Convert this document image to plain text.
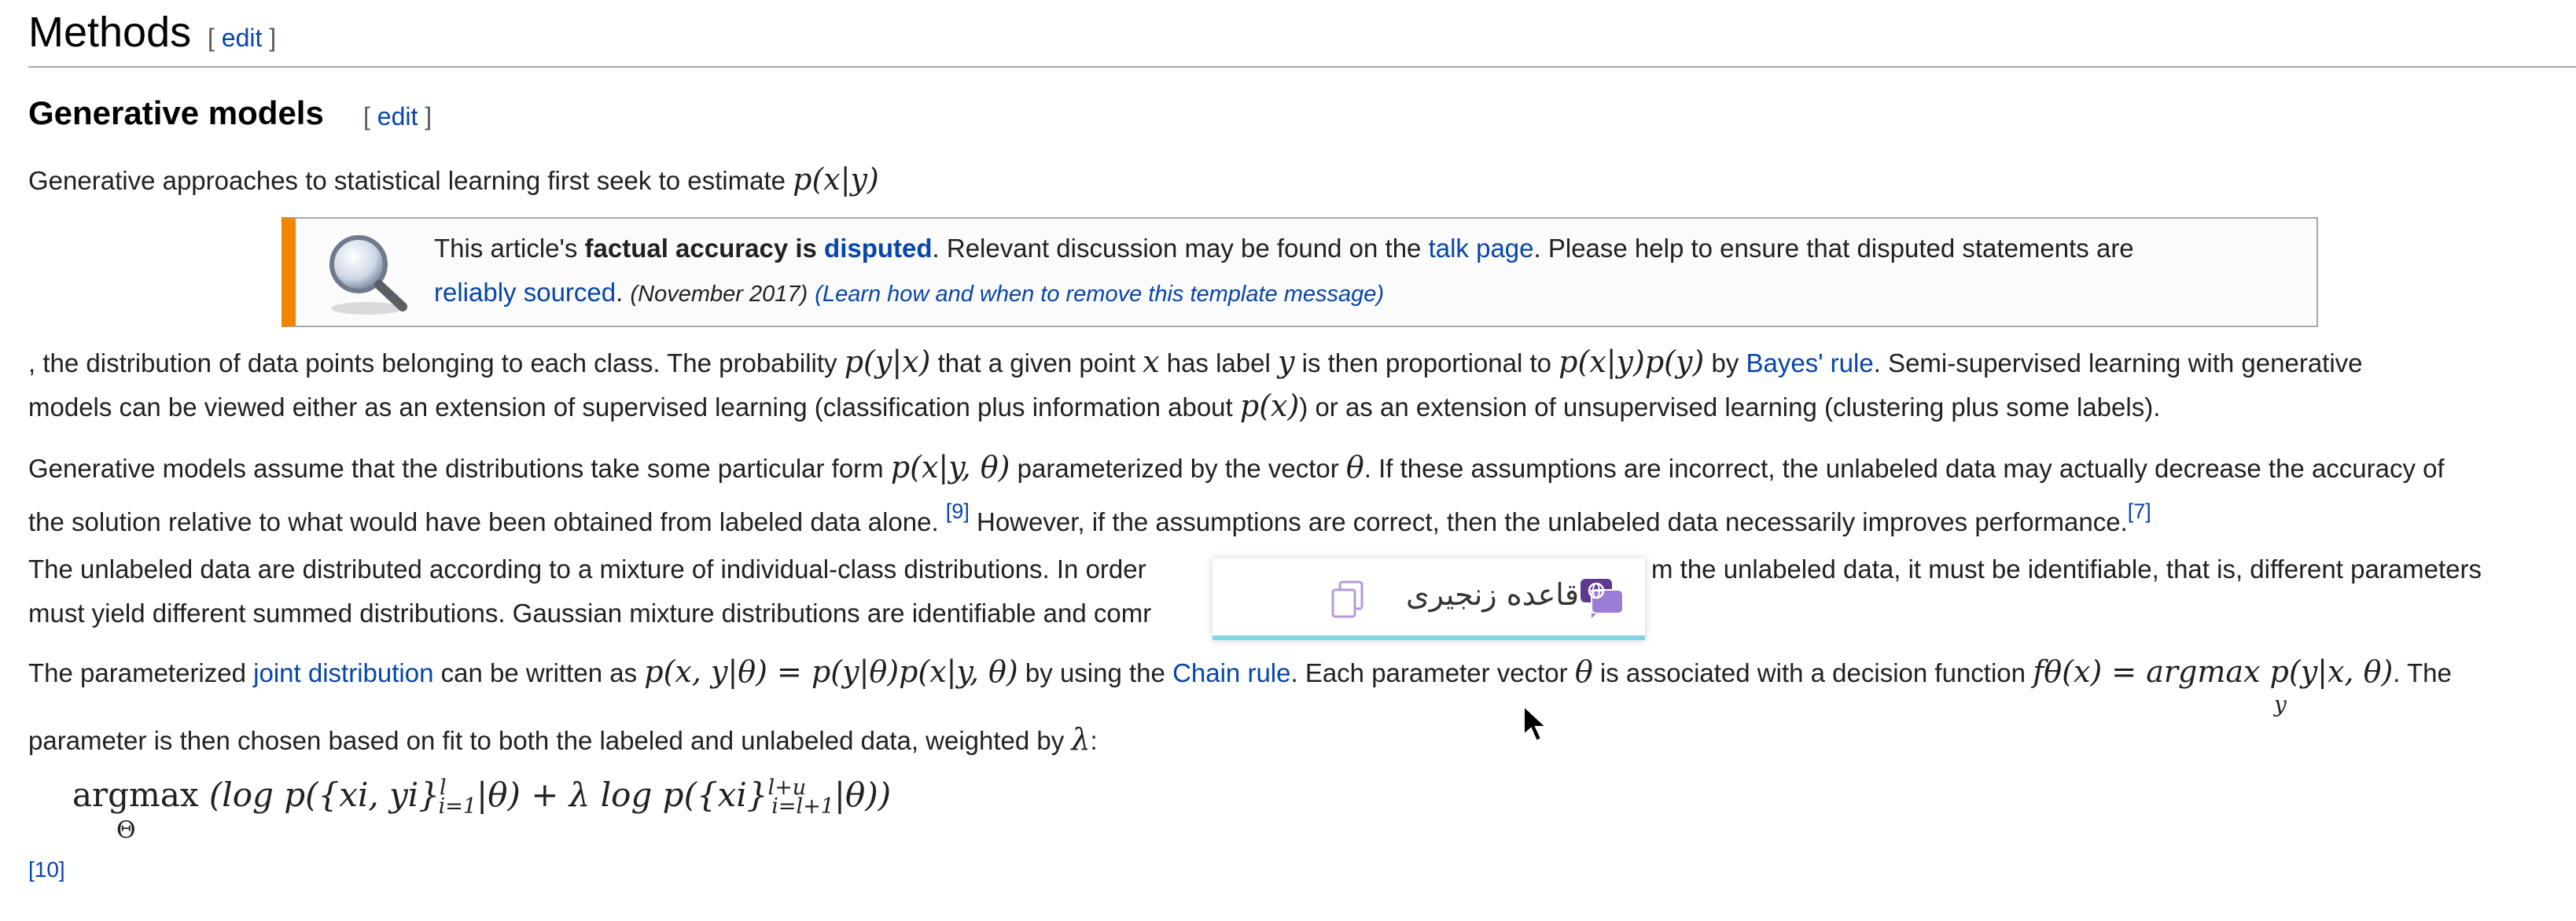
Methods [ edit ]
Generative models [ edit ]
Generative approaches to statistical learning first seek to estimate p(x|y)
This article's factual accuracy is disputed. Relevant discussion may be found on the talk page. Please help to ensure that disputed statements are
reliably sourced. (November 2017) (Learn how and when to remove this template message)
, the distribution of data points belonging to each class. The probability p(y|x) that a given point x has label y is then proportional to p(x|y)p(y) by Bayes' rule. Semi-supervised learning with generative
models can be viewed either as an extension of supervised learning (classification plus information about p(x)) or as an extension of unsupervised learning (clustering plus some labels).
Generative models assume that the distributions take some particular form p(x|y, θ) parameterized by the vector θ. If these assumptions are incorrect, the unlabeled data may actually decrease the accuracy of
the solution relative to what would have been obtained from labeled data alone. [9] However, if the assumptions are correct, then the unlabeled data necessarily improves performance.[7]
The unlabeled data are distributed according to a mixture of individual-class distributions. In order	m the unlabeled data, it must be identifiable, that is, different parameters
must yield different summed distributions. Gaussian mixture distributions are identifiable and comr
The parameterized joint distribution can be written as p(x, y|θ) = p(y|θ)p(x|y, θ) by using the Chain rule. Each parameter vector θ is associated with a decision function fθ(x) = argmax p(y|x, θ). The
y
parameter is then chosen based on fit to both the labeled and unlabeled data, weighted by λ:
argmax
Θ
(log p({xi, yi}$^l_{i=1}$|θ) + λ log p({xi}$^{l+u}_{i=l+1}$|θ))
[10]
قاعده زنجیری
